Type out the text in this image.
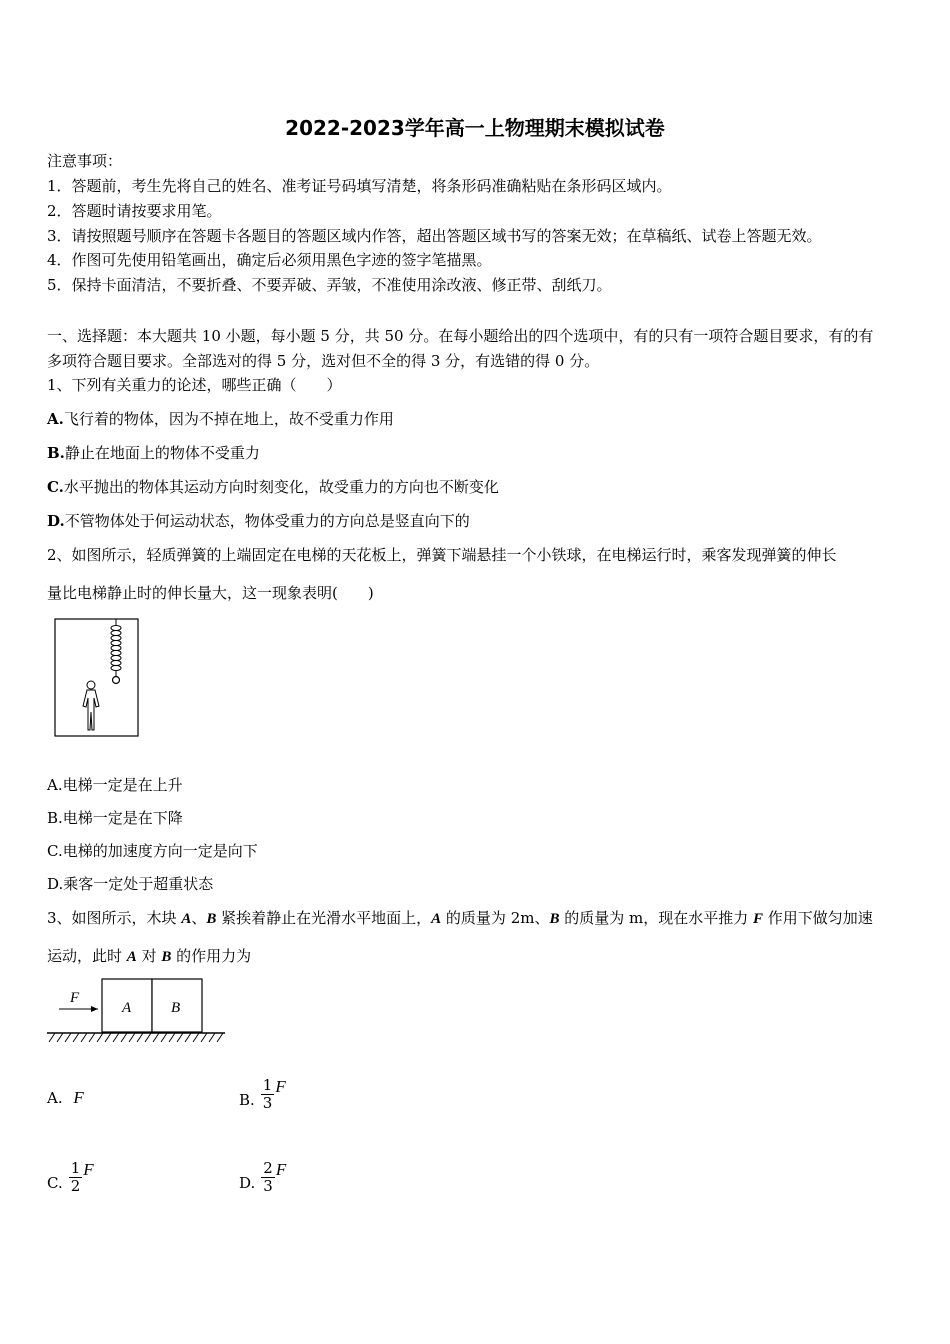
2022-2023学年高一上物理期末模拟试卷
注意事项：
1．答题前，考生先将自己的姓名、准考证号码填写清楚，将条形码准确粘贴在条形码区域内。
2．答题时请按要求用笔。
3．请按照题号顺序在答题卡各题目的答题区域内作答，超出答题区域书写的答案无效；在草稿纸、试卷上答题无效。
4．作图可先使用铅笔画出，确定后必须用黑色字迹的签字笔描黑。
5．保持卡面清洁，不要折叠、不要弄破、弄皱，不准使用涂改液、修正带、刮纸刀。
一、选择题：本大题共 10 小题，每小题 5 分，共 50 分。在每小题给出的四个选项中，有的只有一项符合题目要求，有的有
多项符合题目要求。全部选对的得 5 分，选对但不全的得 3 分，有选错的得 0 分。
1、下列有关重力的论述，哪些正确（　　）
A.飞行着的物体，因为不掉在地上，故不受重力作用
B.静止在地面上的物体不受重力
C.水平抛出的物体其运动方向时刻变化，故受重力的方向也不断变化
D.不管物体处于何运动状态，物体受重力的方向总是竖直向下的
2、如图所示，轻质弹簧的上端固定在电梯的天花板上，弹簧下端悬挂一个小铁球，在电梯运行时，乘客发现弹簧的伸长
量比电梯静止时的伸长量大，这一现象表明(　　)
A.电梯一定是在上升
B.电梯一定是在下降
C.电梯的加速度方向一定是向下
D.乘客一定处于超重状态
3、如图所示，木块 A、B 紧挨着静止在光滑水平地面上，A 的质量为 2m、B 的质量为 m，现在水平推力 F 作用下做匀加速
运动，此时 A 对 B 的作用力为
F
A	B
A. F	B. $\frac{1}{3}$ F
C. $\frac{1}{2}$ F
D. $\frac{2}{3}$ F
